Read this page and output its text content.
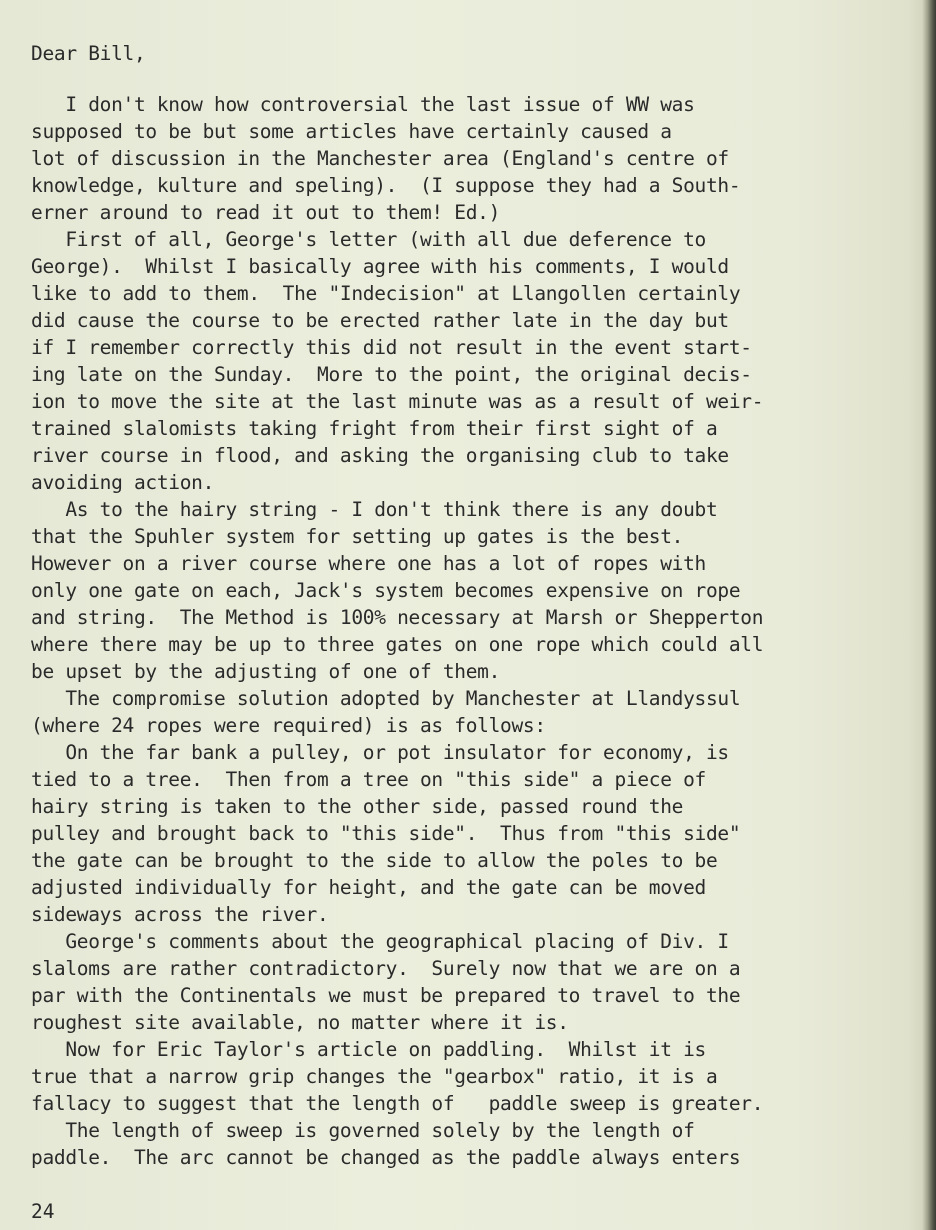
Dear Bill,
I don't know how controversial the last issue of WW was
supposed to be but some articles have certainly caused a
lot of discussion in the Manchester area (England's centre of
knowledge, kulture and speling).  (I suppose they had a South-
erner around to read it out to them! Ed.)
First of all, George's letter (with all due deference to
George).  Whilst I basically agree with his comments, I would
like to add to them.  The "Indecision" at Llangollen certainly
did cause the course to be erected rather late in the day but
if I remember correctly this did not result in the event start-
ing late on the Sunday.  More to the point, the original decis-
ion to move the site at the last minute was as a result of weir-
trained slalomists taking fright from their first sight of a
river course in flood, and asking the organising club to take
avoiding action.
As to the hairy string - I don't think there is any doubt
that the Spuhler system for setting up gates is the best.
However on a river course where one has a lot of ropes with
only one gate on each, Jack's system becomes expensive on rope
and string.  The Method is 100% necessary at Marsh or Shepperton
where there may be up to three gates on one rope which could all
be upset by the adjusting of one of them.
The compromise solution adopted by Manchester at Llandyssul
(where 24 ropes were required) is as follows:
On the far bank a pulley, or pot insulator for economy, is
tied to a tree.  Then from a tree on "this side" a piece of
hairy string is taken to the other side, passed round the
pulley and brought back to "this side".  Thus from "this side"
the gate can be brought to the side to allow the poles to be
adjusted individually for height, and the gate can be moved
sideways across the river.
George's comments about the geographical placing of Div. I
slaloms are rather contradictory.  Surely now that we are on a
par with the Continentals we must be prepared to travel to the
roughest site available, no matter where it is.
Now for Eric Taylor's article on paddling.  Whilst it is
true that a narrow grip changes the "gearbox" ratio, it is a
fallacy to suggest that the length of   paddle sweep is greater.
The length of sweep is governed solely by the length of
paddle.  The arc cannot be changed as the paddle always enters
24
